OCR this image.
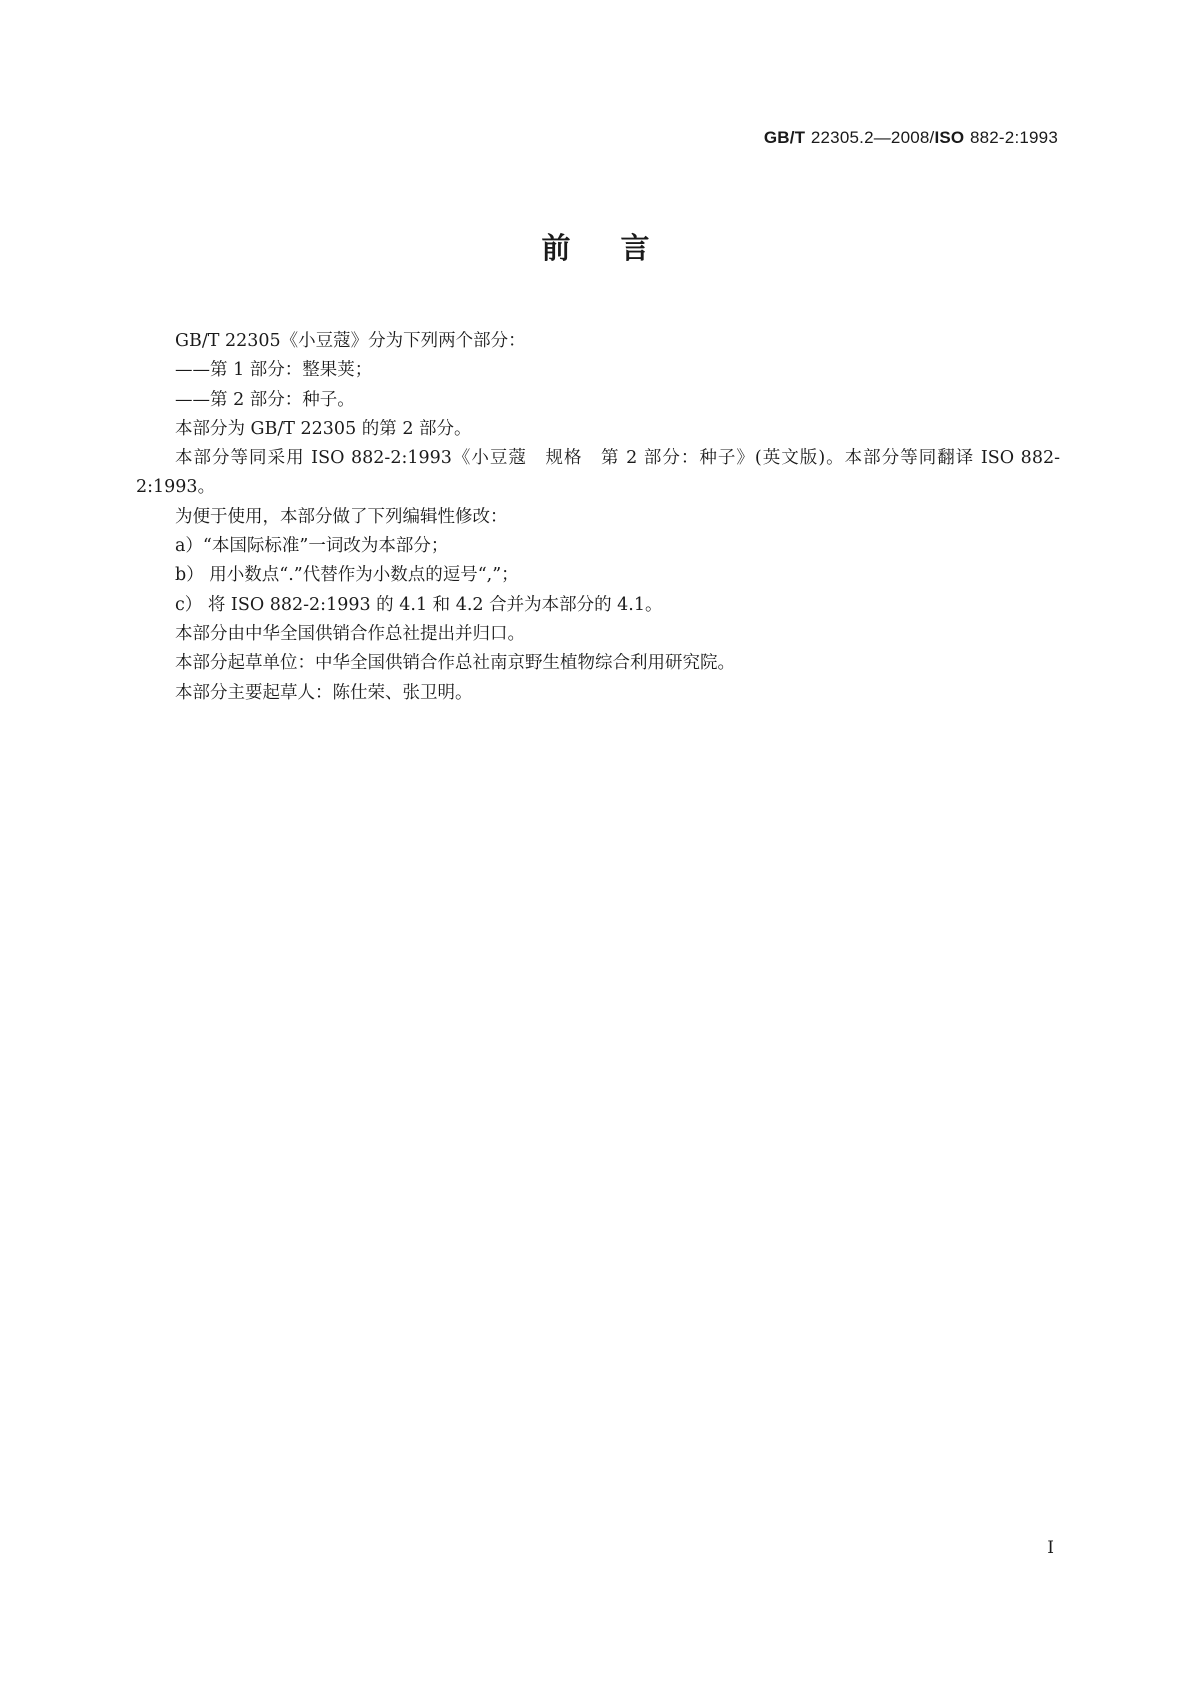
GB/T 22305.2—2008/ISO 882-2:1993
前言

GB/T 22305《小豆蔻》分为下列两个部分：

——第 1 部分：整果荚；

——第 2 部分：种子。

本部分为 GB/T 22305 的第 2 部分。

本部分等同采用 ISO 882-2:1993《小豆蔻　规格　第 2 部分：种子》(英文版)。本部分等同翻译 ISO 882-2:1993。

为便于使用，本部分做了下列编辑性修改：

a）“本国际标准”一词改为本部分；

b） 用小数点“.”代替作为小数点的逗号“,”；

c） 将 ISO 882-2:1993 的 4.1 和 4.2 合并为本部分的 4.1。

本部分由中华全国供销合作总社提出并归口。

本部分起草单位：中华全国供销合作总社南京野生植物综合利用研究院。

本部分主要起草人：陈仕荣、张卫明。

I
